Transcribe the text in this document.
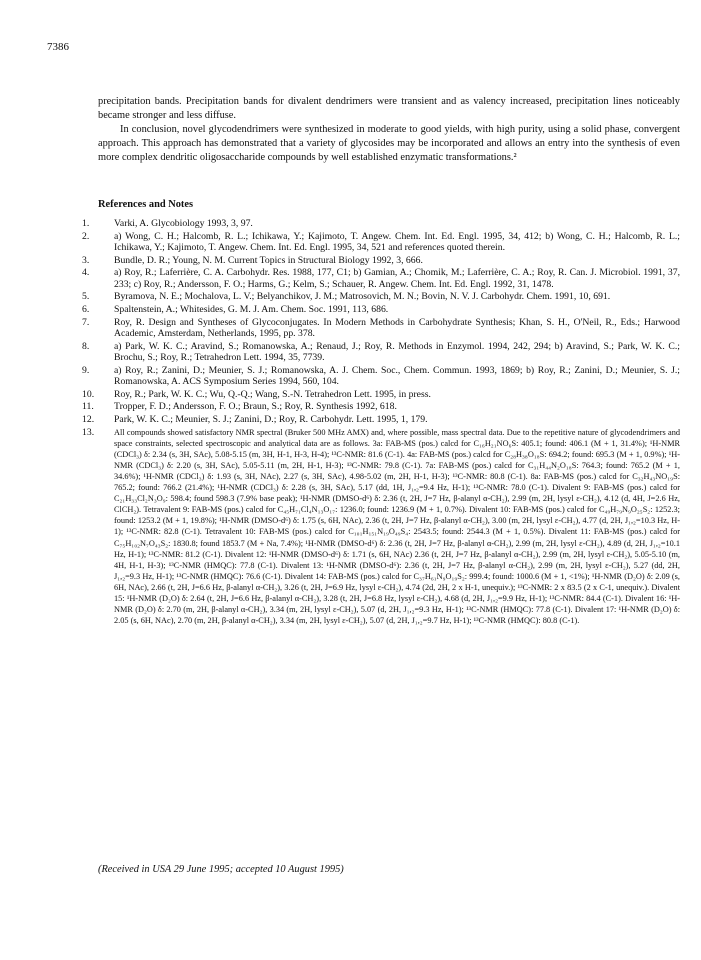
7386

precipitation bands. Precipitation bands for divalent dendrimers were transient and as valency increased, precipitation lines noticeably became stronger and less diffuse.

In conclusion, novel glycodendrimers were synthesized in moderate to good yields, with high purity, using a solid phase, convergent approach. This approach has demonstrated that a variety of glycosides may be incorporated and allows an entry into the synthesis of even more complex dendritic oligosaccharide compounds by well established enzymatic transformations.²

References and Notes
1.	Varki, A. Glycobiology 1993, 3, 97.
2.	a) Wong, C. H.; Halcomb, R. L.; Ichikawa, Y.; Kajimoto, T. Angew. Chem. Int. Ed. Engl. 1995, 34, 412; b) Wong, C. H.; Halcomb, R. L.; Ichikawa, Y.; Kajimoto, T. Angew. Chem. Int. Ed. Engl. 1995, 34, 521 and references quoted therein.
3.	Bundle, D. R.; Young, N. M. Current Topics in Structural Biology 1992, 3, 666.
4.	a) Roy, R.; Laferrière, C. A. Carbohydr. Res. 1988, 177, C1; b) Gamian, A.; Chomik, M.; Laferrière, C. A.; Roy, R. Can. J. Microbiol. 1991, 37, 233; c) Roy, R.; Andersson, F. O.; Harms, G.; Kelm, S.; Schauer, R. Angew. Chem. Int. Ed. Engl. 1992, 31, 1478.
5.	Byramova, N. E.; Mochalova, L. V.; Belyanchikov, J. M.; Matrosovich, M. N.; Bovin, N. V. J. Carbohydr. Chem. 1991, 10, 691.
6.	Spaltenstein, A.; Whitesides, G. M. J. Am. Chem. Soc. 1991, 113, 686.
7.	Roy, R. Design and Syntheses of Glycoconjugates. In Modern Methods in Carbohydrate Synthesis; Khan, S. H., O'Neil, R., Eds.; Harwood Academic, Amsterdam, Netherlands, 1995, pp. 378.
8.	a) Park, W. K. C.; Aravind, S.; Romanowska, A.; Renaud, J.; Roy, R. Methods in Enzymol. 1994, 242, 294; b) Aravind, S.; Park, W. K. C.; Brochu, S.; Roy, R.; Tetrahedron Lett. 1994, 35, 7739.
9.	a) Roy, R.; Zanini, D.; Meunier, S. J.; Romanowska, A. J. Chem. Soc., Chem. Commun. 1993, 1869; b) Roy, R.; Zanini, D.; Meunier, S. J.; Romanowska, A. ACS Symposium Series 1994, 560, 104.
10.	Roy, R.; Park, W. K. C.; Wu, Q.-Q.; Wang, S.-N. Tetrahedron Lett. 1995, in press.
11.	Tropper, F. D.; Andersson, F. O.; Braun, S.; Roy, R. Synthesis 1992, 618.
12.	Park, W. K. C.; Meunier, S. J.; Zanini, D.; Roy, R. Carbohydr. Lett. 1995, 1, 179.
13.	All compounds showed satisfactory NMR spectral (Bruker 500 MHz AMX) and, where possible, mass spectral data. Due to the repetitive nature of glycodendrimers and space constraints, selected spectroscopic and analytical data are as follows. 3a: FAB-MS (pos.) calcd for C₁₆H₂₁NO₆S: 405.1; found: 406.1 (M + 1, 31.4%); ¹H-NMR (CDCl₃) δ: 2.34 (s, 3H, SAc), 5.08-5.15 (m, 3H, H-1, H-3, H-4); ¹³C-NMR: 81.6 (C-1). 4a: FAB-MS (pos.) calcd for C₂₈H₃₈O₁₈S: 694.2; found: 695.3 (M + 1, 0.9%); ¹H-NMR (CDCl₃) δ: 2.20 (s, 3H, SAc), 5.05-5.11 (m, 2H, H-1, H-3); ¹³C-NMR: 79.8 (C-1). 7a: FAB-MS (pos.) calcd for C₃₁H₄₄N₂O₁₈S: 764.3; found: 765.2 (M + 1, 34.6%); ¹H-NMR (CDCl₃) δ: 1.93 (s, 3H, NAc), 2.27 (s, 3H, SAc), 4.98-5.02 (m, 2H, H-1, H-3); ¹³C-NMR: 80.8 (C-1). 8a: FAB-MS (pos.) calcd for C₃₂H₄₃NO₁₉S: 765.2; found: 766.2 (21.4%); ¹H-NMR (CDCl₃) δ: 2.28 (s, 3H, SAc), 5.17 (dd, 1H, J₁,₂=9.4 Hz, H-1); ¹³C-NMR: 78.0 (C-1). Divalent 9: FAB-MS (pos.) calcd for C₂₁H₃₃Cl₂N₃O₉: 598.4; found 598.3 (7.9% base peak); ¹H-NMR (DMSO-d⁶) δ: 2.36 (t, 2H, J=7 Hz, β-alanyl α-CH₂), 2.99 (m, 2H, lysyl ε-CH₂), 4.12 (d, 4H, J=2.6 Hz, ClCH₂). Tetravalent 9: FAB-MS (pos.) calcd for C₄₅H₇₁Cl₄N₁₃O₁₇: 1236.0; found: 1236.9 (M + 1, 0.7%). Divalent 10: FAB-MS (pos.) calcd for C₄₉H₇₉N₉O₂₅S₂: 1252.3; found: 1253.2 (M + 1, 19.8%); ¹H-NMR (DMSO-d⁶) δ: 1.75 (s, 6H, NAc), 2.36 (t, 2H, J=7 Hz, β-alanyl α-CH₂), 3.00 (m, 2H, lysyl ε-CH₂), 4.77 (d, 2H, J₁,₂=10.3 Hz, H-1); ¹³C-NMR: 82.8 (C-1). Tetravalent 10: FAB-MS (pos.) calcd for C₁₀₁H₁₅₁N₁₉O₄₉S₄: 2543.5; found: 2544.3 (M + 1, 0.5%). Divalent 11: FAB-MS (pos.) calcd for C₇₅H₁₀₂N₇O₄₃S₂: 1830.8; found 1853.7 (M + Na, 7.4%); ¹H-NMR (DMSO-d⁶) δ: 2.36 (t, 2H, J=7 Hz, β-alanyl α-CH₂), 2.99 (m, 2H, lysyl ε-CH₂), 4.89 (d, 2H, J₁,₂=10.1 Hz, H-1); ¹³C-NMR: 81.2 (C-1). Divalent 12: ¹H-NMR (DMSO-d⁶) δ: 1.71 (s, 6H, NAc) 2.36 (t, 2H, J=7 Hz, β-alanyl α-CH₂), 2.99 (m, 2H, lysyl ε-CH₂), 5.05-5.10 (m, 4H, H-1, H-3); ¹³C-NMR (HMQC): 77.8 (C-1). Divalent 13: ¹H-NMR (DMSO-d⁶): 2.36 (t, 2H, J=7 Hz, β-alanyl α-CH₂), 2.99 (m, 2H, lysyl ε-CH₂), 5.27 (dd, 2H, J₁,₂=9.3 Hz, H-1); ¹³C-NMR (HMQC): 76.6 (C-1). Divalent 14: FAB-MS (pos.) calcd for C₃₇H₆₁N₉O₁₉S₂: 999.4; found: 1000.6 (M + 1, <1%); ¹H-NMR (D₂O) δ: 2.09 (s, 6H, NAc), 2.66 (t, 2H, J=6.6 Hz, β-alanyl α-CH₂), 3.26 (t, 2H, J=6.9 Hz, lysyl ε-CH₂), 4.74 (2d, 2H, 2 x H-1, unequiv.); ¹³C-NMR: 2 x 83.5 (2 x C-1, unequiv.). Divalent 15: ¹H-NMR (D₂O) δ: 2.64 (t, 2H, J=6.6 Hz, β-alanyl α-CH₂), 3.28 (t, 2H, J=6.8 Hz, lysyl ε-CH₂), 4.68 (d, 2H, J₁,₂=9.9 Hz, H-1); ¹³C-NMR: 84.4 (C-1). Divalent 16: ¹H-NMR (D₂O) δ: 2.70 (m, 2H, β-alanyl α-CH₂), 3.34 (m, 2H, lysyl ε-CH₂), 5.07 (d, 2H, J₁,₂=9.3 Hz, H-1); ¹³C-NMR (HMQC): 77.8 (C-1). Divalent 17: ¹H-NMR (D₂O) δ: 2.05 (s, 6H, NAc), 2.70 (m, 2H, β-alanyl α-CH₂), 3.34 (m, 2H, lysyl ε-CH₂), 5.07 (d, 2H, J₁,₂=9.7 Hz, H-1); ¹³C-NMR (HMQC): 80.8 (C-1).
(Received in USA 29 June 1995; accepted 10 August 1995)
